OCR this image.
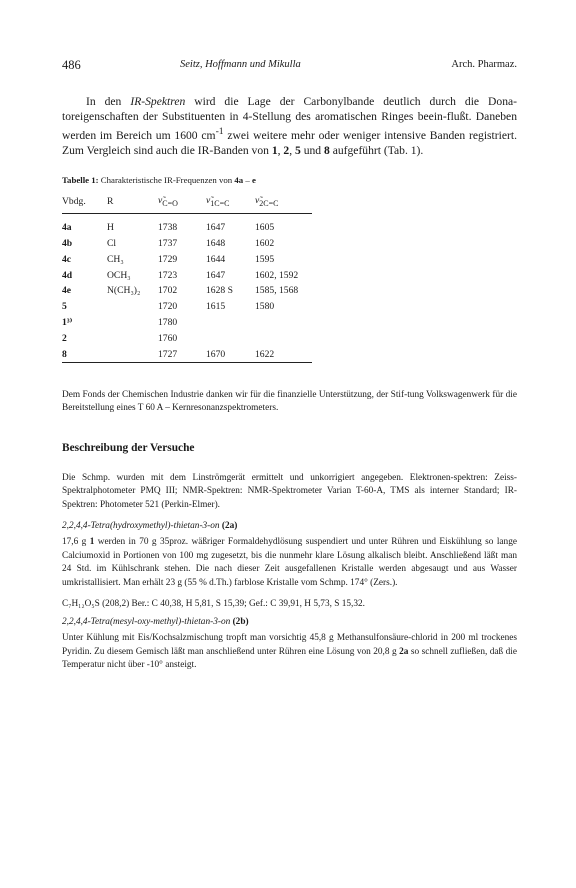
486	Seitz, Hoffmann und Mikulla	Arch. Pharmaz.

In den IR-Spektren wird die Lage der Carbonylbande deutlich durch die Dona-toreigenschaften der Substituenten in 4-Stellung des aromatischen Ringes beein-flußt. Daneben werden im Bereich um 1600 $cm^{-1}$ zwei weitere mehr oder weniger intensive Banden registriert. Zum Vergleich sind auch die IR-Banden von 1, 2, 5 und 8 aufgeführt (Tab. 1).

Tabelle 1: Charakteristische IR-Frequenzen von 4a – e
Vbdg.	R	$\nũ_{C=O}$	$\nũ_{1C=C}$	$\nũ_{2C=C}$
4a	H	1738	1647	1605
4b	Cl	1737	1648	1602
4c	CH₃	1729	1644	1595
4d	OCH₃	1723	1647	1602, 1592
4e	N(CH₃)₂	1702	1628 S	1585, 1568
5		1720	1615	1580
1³⁾		1780		
2		1760		
8		1727	1670	1622

Dem Fonds der Chemischen Industrie danken wir für die finanzielle Unterstützung, der Stif-tung Volkswagenwerk für die Bereitstellung eines T 60 A – Kernresonanzspektrometers.

Beschreibung der Versuche

Die Schmp. wurden mit dem Linströmgerät ermittelt und unkorrigiert angegeben. Elektronen-spektren: Zeiss-Spektralphotometer PMQ III; NMR-Spektren: NMR-Spektrometer Varian T-60-A, TMS als interner Standard; IR-Spektren: Photometer 521 (Perkin-Elmer).

2,2,4,4-Tetra(hydroxymethyl)-thietan-3-on (2a)

17,6 g 1 werden in 70 g 35proz. wäßriger Formaldehydlösung suspendiert und unter Rühren und Eiskühlung so lange Calciumoxid in Portionen von 100 mg zugesetzt, bis die nunmehr klare Lösung alkalisch bleibt. Anschließend läßt man 24 Std. im Kühlschrank stehen. Die nach dieser Zeit ausgefallenen Kristalle werden abgesaugt und aus Wasser umkristallisiert. Man erhält 23 g (55 % d.Th.) farblose Kristalle vom Schmp. 174° (Zers.).

C₇H₁₂O₅S (208,2) Ber.: C 40,38, H 5,81, S 15,39; Gef.: C 39,91, H 5,73, S 15,32.
2,2,4,4-Tetra(mesyl-oxy-methyl)-thietan-3-on (2b)

Unter Kühlung mit Eis/Kochsalzmischung tropft man vorsichtig 45,8 g Methansulfonsäure-chlorid in 200 ml trockenes Pyridin. Zu diesem Gemisch läßt man anschließend unter Rühren eine Lösung von 20,8 g 2a so schnell zufließen, daß die Temperatur nicht über -10° ansteigt.
